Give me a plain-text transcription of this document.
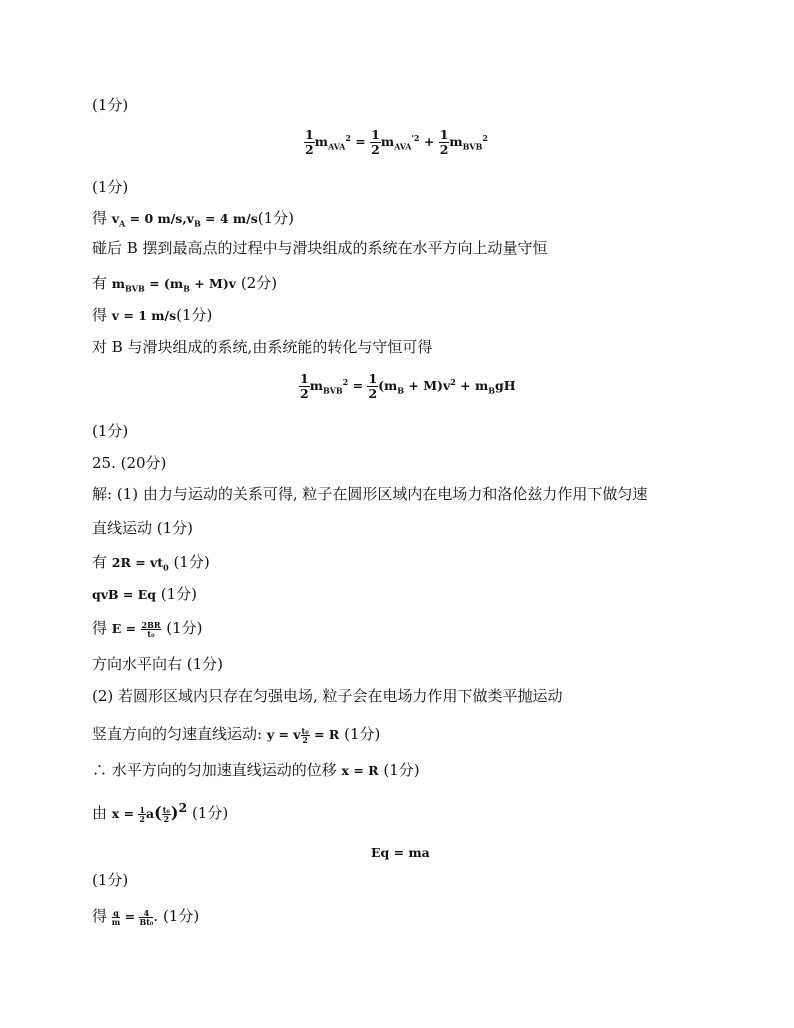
(1分)
$\frac{1}{2} m_{AVA}^2 = \frac{1}{2} m_{AVA}^{'2} + \frac{1}{2} m_{BVB}^2$
(1分)
得 $v_A = 0$ $m/s,v_B = 4$ m/s(1分)
碰后 B 摆到最高点的过程中与滑块组成的系统在水平方向上动量守恒
有 $m_{BVB} = (m_B + M)v$ (2分)
得 v = 1 m/s(1分)
对 B 与滑块组成的系统,由系统能的转化与守恒可得
$\frac{1}{2} m_{BVB}^2 = \frac{1}{2} (m_B + M)v^2 + m_BgH$
(1分)
25. (20分)
解: (1) 由力与运动的关系可得, 粒子在圆形区域内在电场力和洛伦兹力作用下做匀速
直线运动 (1分)
有 $2R = vt_0$ (1分)
qvB = Eq (1分)
得 $E = \frac{2BR}{\text{t₀}} (1$分)
方向水平向右 (1分)
(2) 若圆形区域内只存在匀强电场, 粒子会在电场力作用下做类平抛运动
竖直方向的匀速直线运动: y = v $\frac{\text{t₀}}{2} = R$ (1分)
∴ 水平方向的匀加速直线运动的位移 x = R (1分)
由 $x = \frac{1}{2} a( \frac{\text{t₀}}{2} )^2$ (1分)
Eq = ma
(1分)
得 $\frac{q}{m} = \frac{4}{\text{Bt₀}}$ . (1分)
